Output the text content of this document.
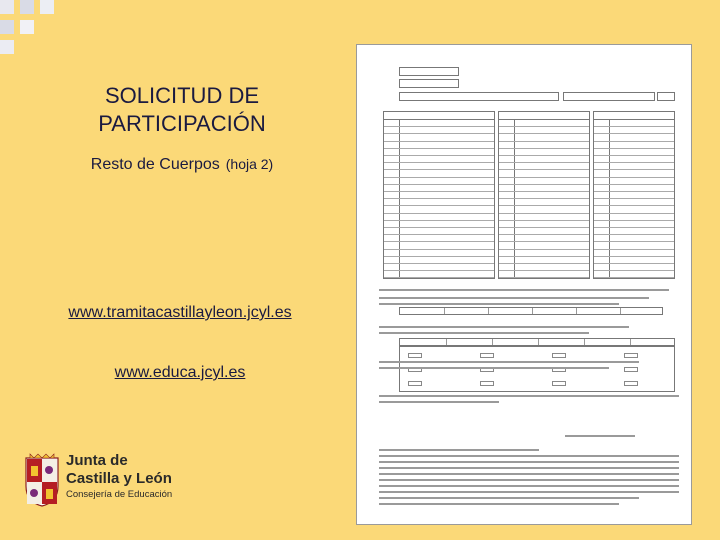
SOLICITUD DE
PARTICIPACIÓN
Resto de Cuerpos (hoja 2)
www.tramitacastillayleon.jcyl.es
www.educa.jcyl.es
Junta de
Castilla y León
Consejería de Educación
